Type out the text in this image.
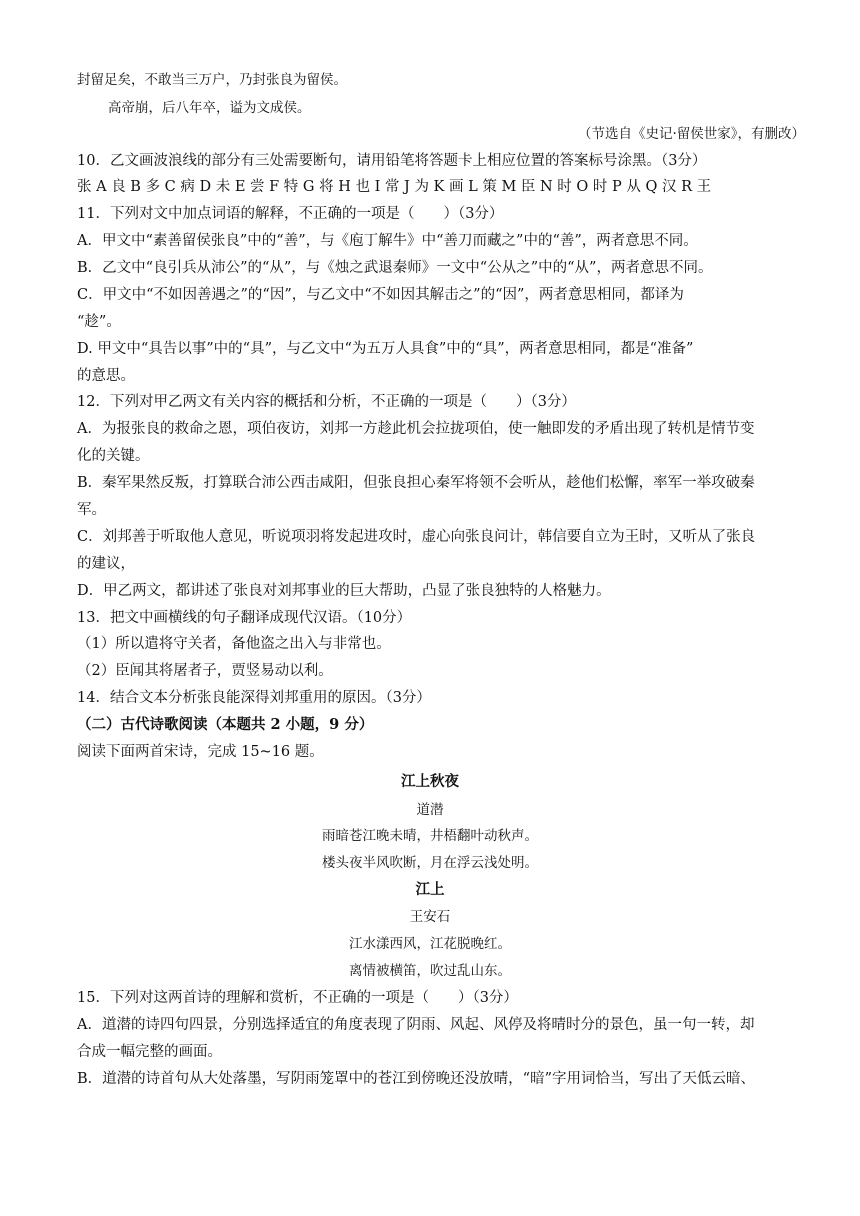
封留足矣，不敢当三万户，乃封张良为留侯。
高帝崩，后八年卒，谥为文成侯。
（节选自《史记·留侯世家》，有删改）
10．乙文画波浪线的部分有三处需要断句，请用铅笔将答题卡上相应位置的答案标号涂黑。（3分）
张 A 良 B 多 C 病 D 未 E 尝 F 特 G 将 H 也 I 常 J 为 K 画 L 策 M 臣 N 时 O 时 P 从 Q 汉 R 王
11．下列对文中加点词语的解释，不正确的一项是（　　）（3分）
A．甲文中“素善留侯张良”中的“善”，与《庖丁解牛》中“善刀而藏之”中的“善”，两者意思不同。
B．乙文中“良引兵从沛公”的“从”，与《烛之武退秦师》一文中“公从之”中的“从”，两者意思不同。
C．甲文中“不如因善遇之”的“因”，与乙文中“不如因其解击之”的“因”，两者意思相同，都译为
“趁”。
D. 甲文中“具告以事”中的“具”，与乙文中“为五万人具食”中的“具”，两者意思相同，都是“准备”
的意思。
12．下列对甲乙两文有关内容的概括和分析，不正确的一项是（　　）（3分）
A．为报张良的救命之恩，项伯夜访，刘邦一方趁此机会拉拢项伯，使一触即发的矛盾出现了转机是情节变
化的关键。
B．秦军果然反叛，打算联合沛公西击咸阳，但张良担心秦军将领不会听从，趁他们松懈，率军一举攻破秦
军。
C．刘邦善于听取他人意见，听说项羽将发起进攻时，虚心向张良问计，韩信要自立为王时，又听从了张良
的建议，
D．甲乙两文，都讲述了张良对刘邦事业的巨大帮助，凸显了张良独特的人格魅力。
13．把文中画横线的句子翻译成现代汉语。（10分）
（1）所以遣将守关者，备他盗之出入与非常也。
（2）臣闻其将屠者子，贾竖易动以利。
14．结合文本分析张良能深得刘邦重用的原因。（3分）
（二）古代诗歌阅读（本题共 2 小题，9 分）
阅读下面两首宋诗，完成 15~16 题。
江上秋夜
道潜
雨暗苍江晚未晴，井梧翻叶动秋声。
楼头夜半风吹断，月在浮云浅处明。
江上
王安石
江水漾西风，江花脱晚红。
离情被横笛，吹过乱山东。
15．下列对这两首诗的理解和赏析，不正确的一项是（　　）（3分）
A．道潜的诗四句四景，分别选择适宜的角度表现了阴雨、风起、风停及将晴时分的景色，虽一句一转，却
合成一幅完整的画面。
B．道潜的诗首句从大处落墨，写阴雨笼罩中的苍江到傍晚还没放晴，“暗”字用词恰当，写出了天低云暗、
